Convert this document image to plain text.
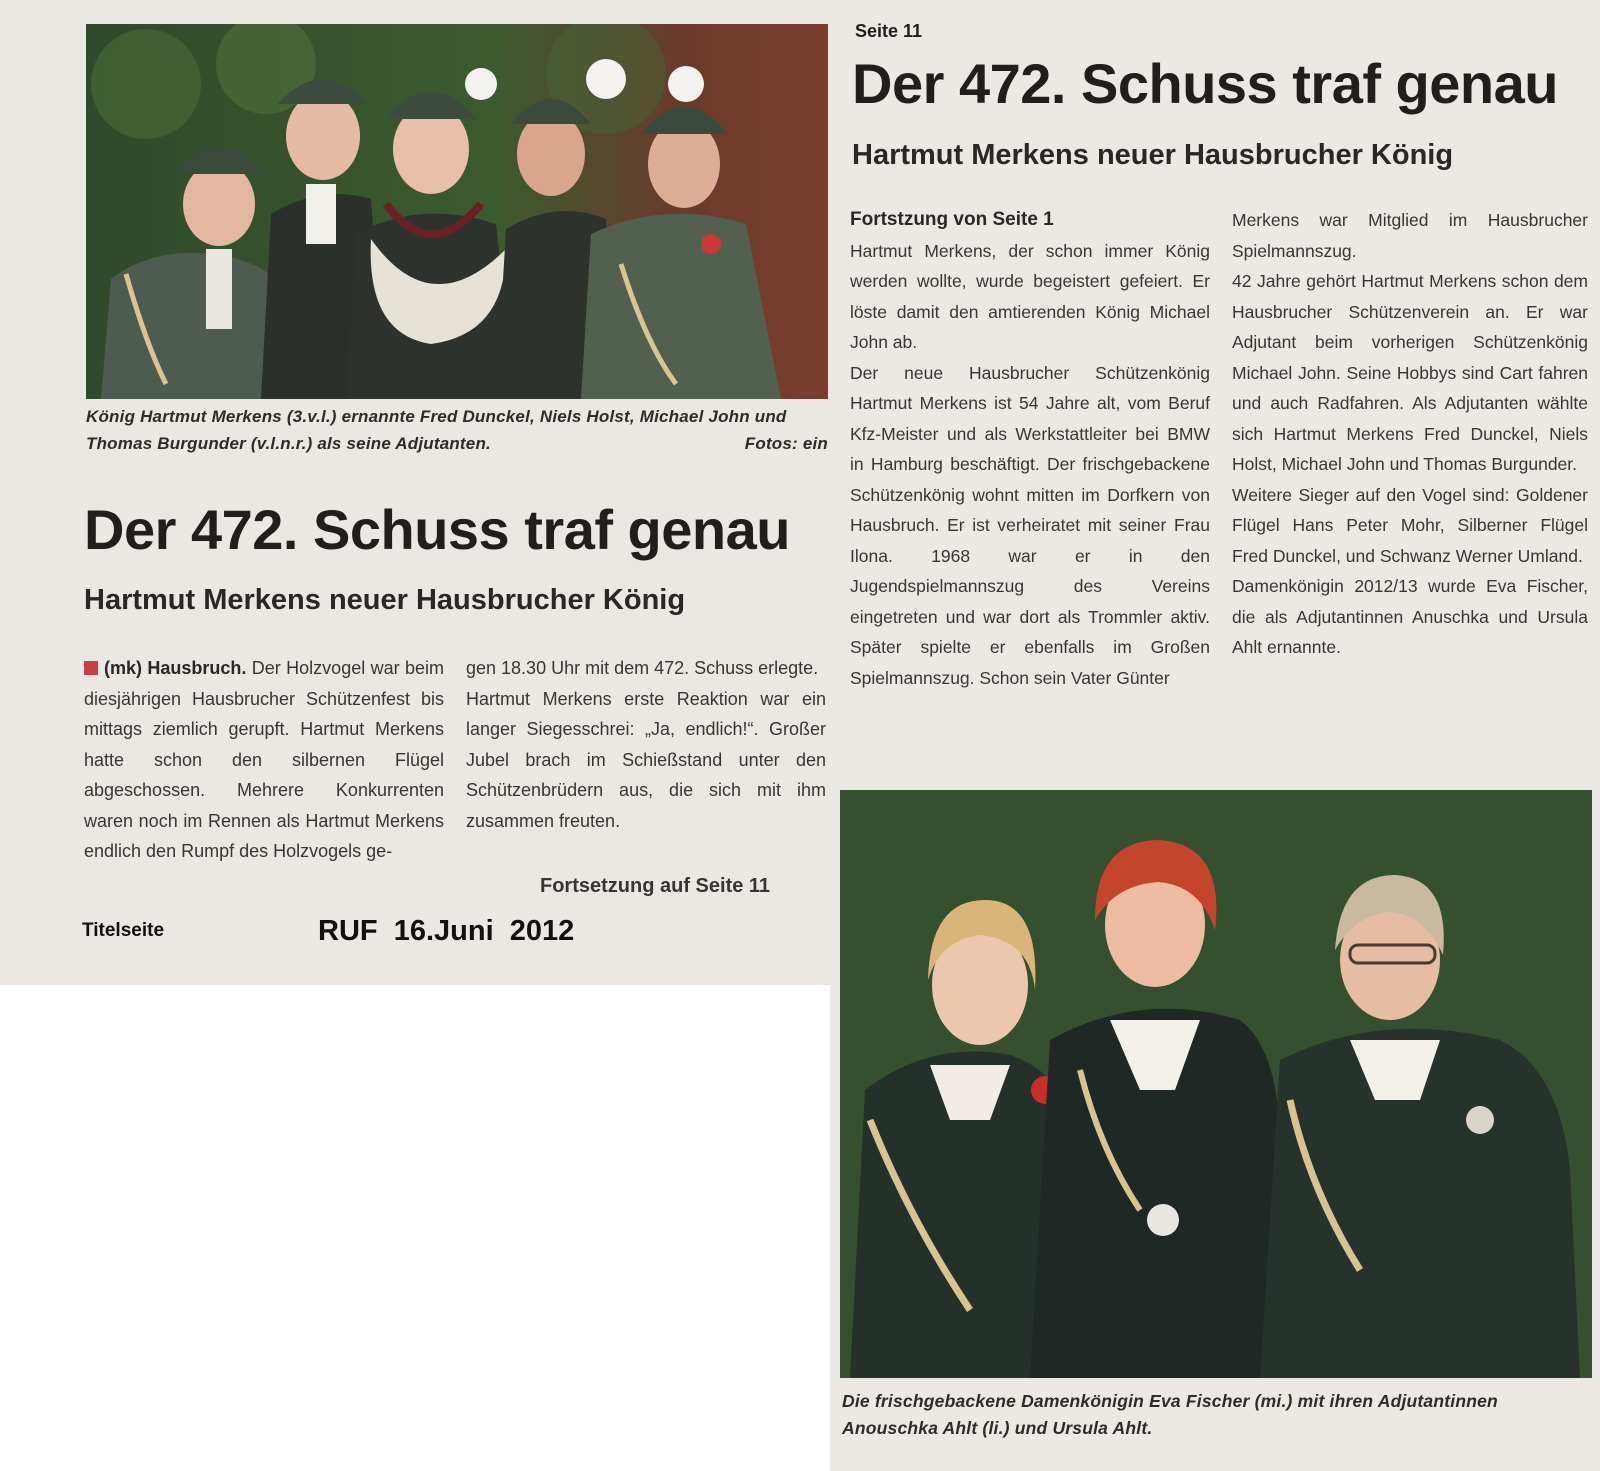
König Hartmut Merkens (3.v.l.) ernannte Fred Dunckel, Niels Holst, Michael John und Thomas Burgunder (v.l.n.r.) als seine Adjutanten.	Fotos: ein
Der 472. Schuss traf genau
Hartmut Merkens neuer Hausbrucher König

(mk) Hausbruch. Der Holzvogel war beim diesjährigen Hausbrucher Schützenfest bis mittags ziemlich gerupft. Hartmut Merkens hatte schon den silbernen Flügel abgeschossen. Mehrere Konkurrenten waren noch im Rennen als Hartmut Merkens endlich den Rumpf des Holzvogels ge-

gen 18.30 Uhr mit dem 472. Schuss erlegte.

Hartmut Merkens erste Reaktion war ein langer Siegesschrei: „Ja, endlich!“. Großer Jubel brach im Schießstand unter den Schützenbrüdern aus, die sich mit ihm zusammen freuten.

Fortsetzung auf Seite 11
Titelseite	RUF  16.Juni  2012
Seite 11
Der 472. Schuss traf genau
Hartmut Merkens neuer Hausbrucher König

Fortstzung von Seite 1

Hartmut Merkens, der schon immer König werden wollte, wurde begeistert gefeiert. Er löste damit den amtierenden König Michael John ab.

Der neue Hausbrucher Schützenkönig Hartmut Merkens ist 54 Jahre alt, vom Beruf Kfz-Meister und als Werkstattleiter bei BMW in Hamburg beschäftigt. Der frischgebackene Schützenkönig wohnt mitten im Dorfkern von Hausbruch. Er ist verheiratet mit seiner Frau Ilona. 1968 war er in den Jugendspielmannszug des Vereins eingetreten und war dort als Trommler aktiv. Später spielte er ebenfalls im Großen Spielmannszug. Schon sein Vater Günter

Merkens war Mitglied im Hausbrucher Spielmannszug.

42 Jahre gehört Hartmut Merkens schon dem Hausbrucher Schützenverein an. Er war Adjutant beim vorherigen Schützenkönig Michael John. Seine Hobbys sind Cart fahren und auch Radfahren. Als Adjutanten wählte sich Hartmut Merkens Fred Dunckel, Niels Holst, Michael John und Thomas Burgunder.

Weitere Sieger auf den Vogel sind: Goldener Flügel Hans Peter Mohr, Silberner Flügel Fred Dunckel, und Schwanz Werner Umland.

Damenkönigin 2012/13 wurde Eva Fischer, die als Adjutantinnen Anuschka und Ursula Ahlt ernannte.

Die frischgebackene Damenkönigin Eva Fischer (mi.) mit ihren Adjutantinnen Anouschka Ahlt (li.) und Ursula Ahlt.
